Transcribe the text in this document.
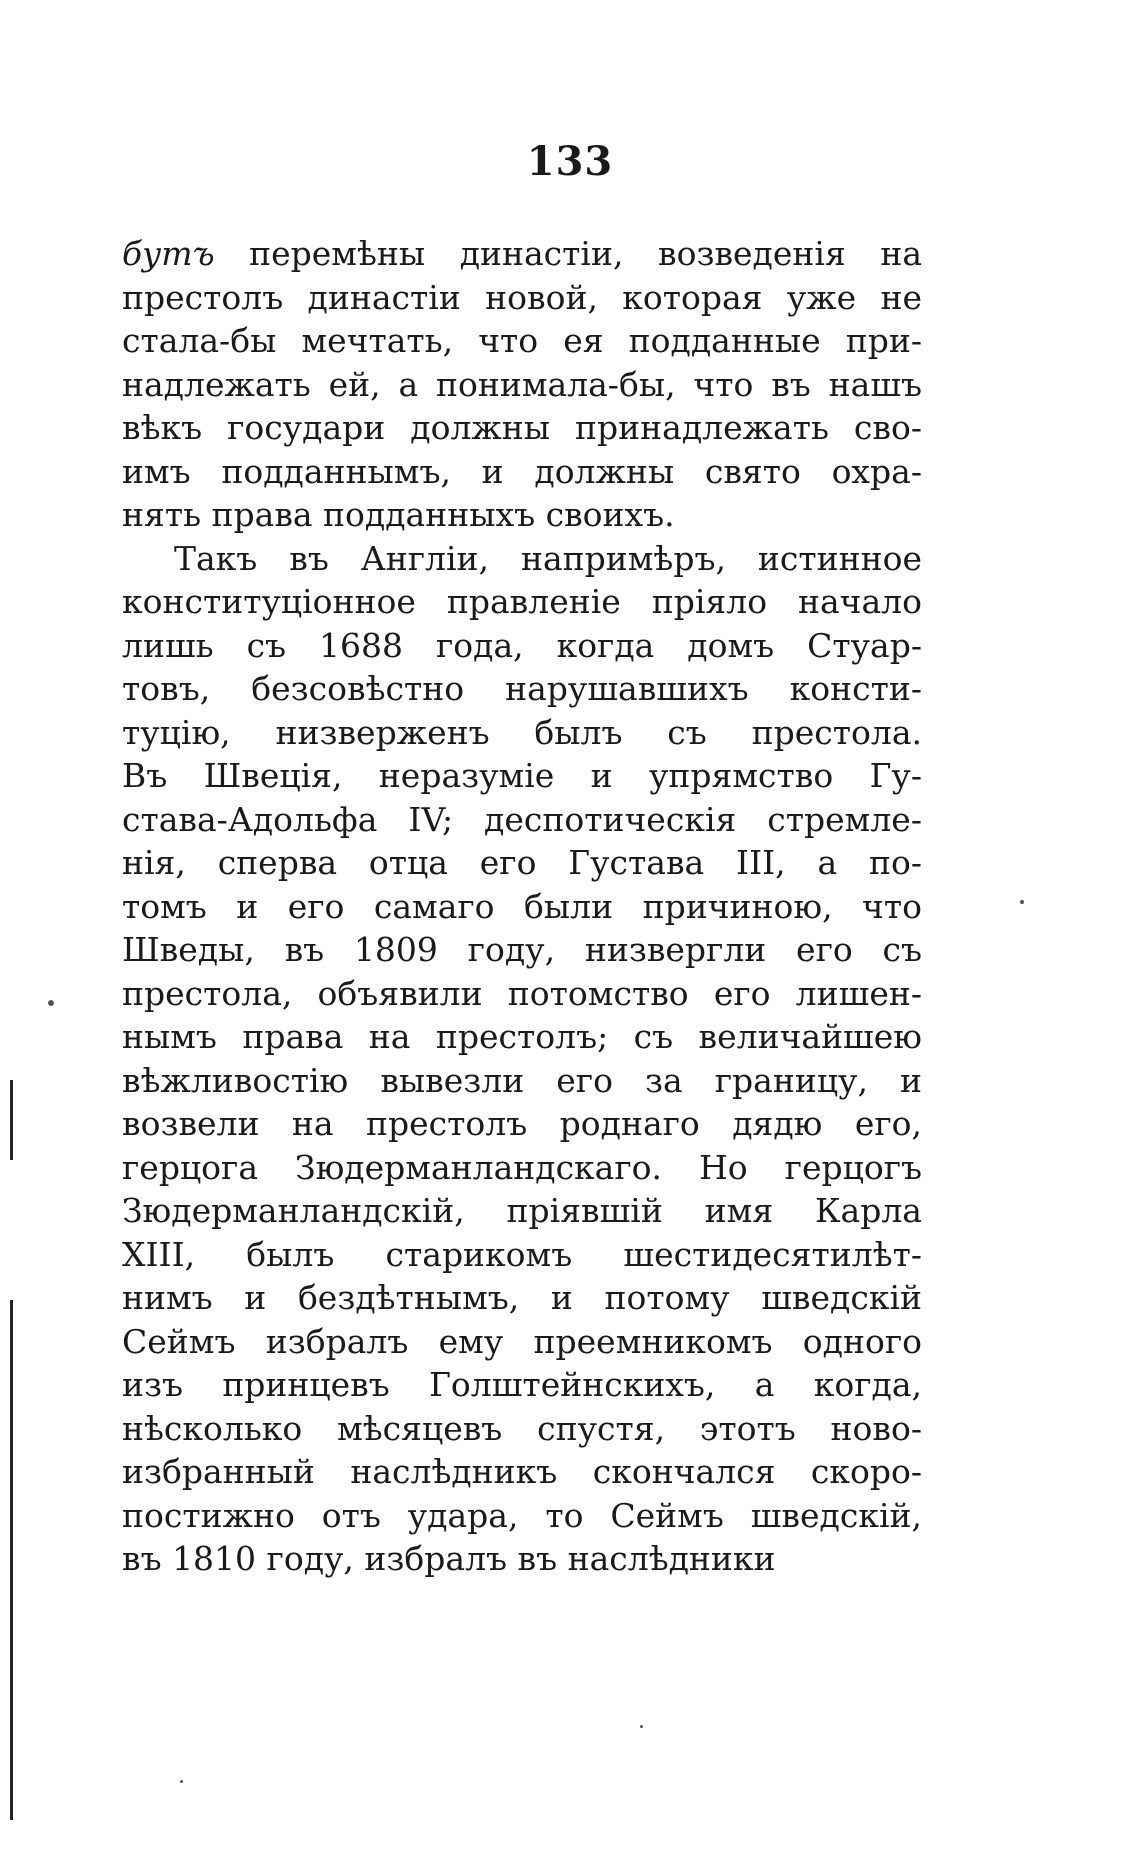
133
бутъ перемѣны династіи, возведенія на
престолъ династіи новой, которая уже не
стала-бы мечтать, что ея подданные при-
надлежать ей, а понимала-бы, что въ нашъ
вѣкъ государи должны принадлежать сво-
имъ подданнымъ, и должны свято охра-
нять права подданныхъ своихъ.
Такъ въ Англіи, напримѣръ, истинное
конституціонное правленіе пріяло начало
лишь съ 1688 года, когда домъ Стуар-
товъ, безсовѣстно нарушавшихъ консти-
туцію, низверженъ былъ съ престола.
Въ Швеція, неразуміе и упрямство Гу-
става-Адольфа IV; деспотическія стремле-
нія, сперва отца его Густава III, а по-
томъ и его самаго были причиною, что
Шведы, въ 1809 году, низвергли его съ
престола, объявили потомство его лишен-
нымъ права на престолъ; съ величайшею
вѣжливостію вывезли его за границу, и
возвели на престолъ роднаго дядю его,
герцога Зюдерманландскаго. Но герцогъ
Зюдерманландскій, пріявшій имя Карла
XIII, былъ старикомъ шестидесятилѣт-
нимъ и бездѣтнымъ, и потому шведскій
Сеймъ избралъ ему преемникомъ одного
изъ принцевъ Голштейнскихъ, а когда,
нѣсколько мѣсяцевъ спустя, этотъ ново-
избранный наслѣдникъ скончался скоро-
постижно отъ удара, то Сеймъ шведскій,
въ 1810 году, избралъ въ наслѣдники
